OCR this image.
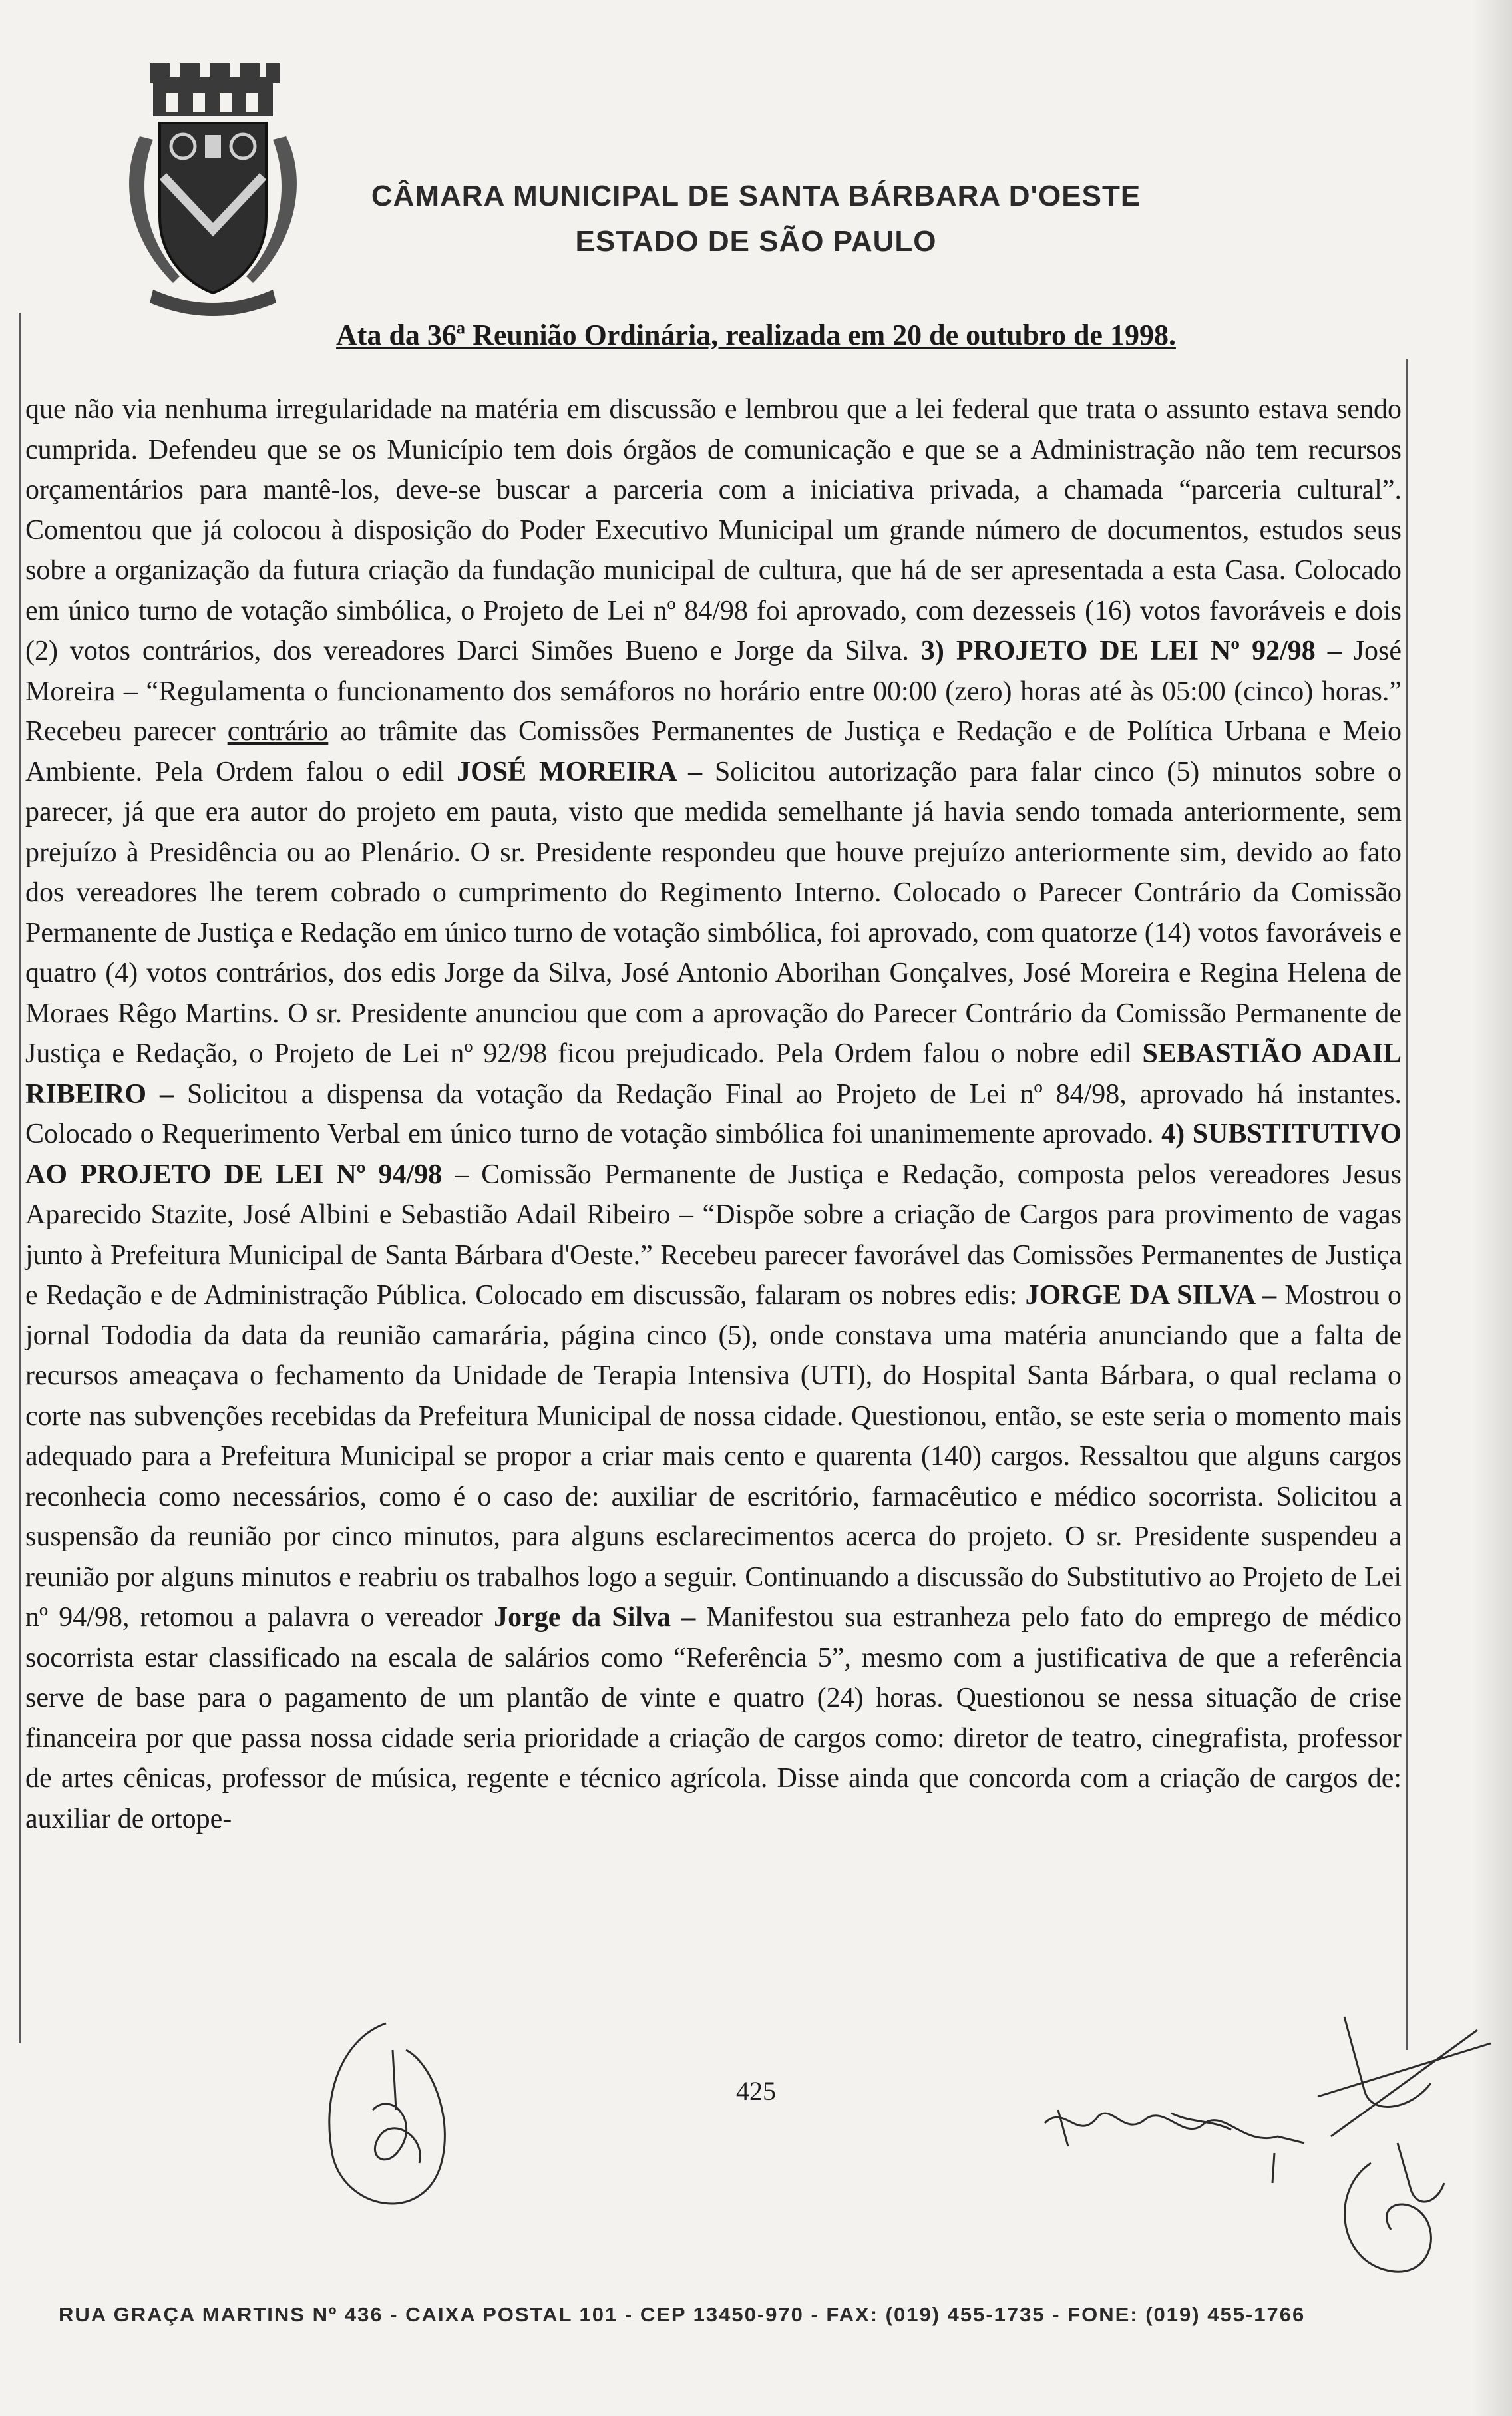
CÂMARA MUNICIPAL DE SANTA BÁRBARA D'OESTE
ESTADO DE SÃO PAULO
Ata da 36ª Reunião Ordinária, realizada em 20 de outubro de 1998.

que não via nenhuma irregularidade na matéria em discussão e lembrou que a lei federal que trata o assunto estava sendo cumprida. Defendeu que se os Município tem dois órgãos de comunicação e que se a Administração não tem recursos orçamentários para mantê-los, deve-se buscar a parceria com a iniciativa privada, a chamada “parceria cultural”. Comentou que já colocou à disposição do Poder Executivo Municipal um grande número de documentos, estudos seus sobre a organização da futura criação da fundação municipal de cultura, que há de ser apresentada a esta Casa. Colocado em único turno de votação simbólica, o Projeto de Lei nº 84/98 foi aprovado, com dezesseis (16) votos favoráveis e dois (2) votos contrários, dos vereadores Darci Simões Bueno e Jorge da Silva. 3) PROJETO DE LEI Nº 92/98 – José Moreira – “Regulamenta o funcionamento dos semáforos no horário entre 00:00 (zero) horas até às 05:00 (cinco) horas.” Recebeu parecer contrário ao trâmite das Comissões Permanentes de Justiça e Redação e de Política Urbana e Meio Ambiente. Pela Ordem falou o edil JOSÉ MOREIRA – Solicitou autorização para falar cinco (5) minutos sobre o parecer, já que era autor do projeto em pauta, visto que medida semelhante já havia sendo tomada anteriormente, sem prejuízo à Presidência ou ao Plenário. O sr. Presidente respondeu que houve prejuízo anteriormente sim, devido ao fato dos vereadores lhe terem cobrado o cumprimento do Regimento Interno. Colocado o Parecer Contrário da Comissão Permanente de Justiça e Redação em único turno de votação simbólica, foi aprovado, com quatorze (14) votos favoráveis e quatro (4) votos contrários, dos edis Jorge da Silva, José Antonio Aborihan Gonçalves, José Moreira e Regina Helena de Moraes Rêgo Martins. O sr. Presidente anunciou que com a aprovação do Parecer Contrário da Comissão Permanente de Justiça e Redação, o Projeto de Lei nº 92/98 ficou prejudicado. Pela Ordem falou o nobre edil SEBASTIÃO ADAIL RIBEIRO – Solicitou a dispensa da votação da Redação Final ao Projeto de Lei nº 84/98, aprovado há instantes. Colocado o Requerimento Verbal em único turno de votação simbólica foi unanimemente aprovado. 4) SUBSTITUTIVO AO PROJETO DE LEI Nº 94/98 – Comissão Permanente de Justiça e Redação, composta pelos vereadores Jesus Aparecido Stazite, José Albini e Sebastião Adail Ribeiro – “Dispõe sobre a criação de Cargos para provimento de vagas junto à Prefeitura Municipal de Santa Bárbara d'Oeste.” Recebeu parecer favorável das Comissões Permanentes de Justiça e Redação e de Administração Pública. Colocado em discussão, falaram os nobres edis: JORGE DA SILVA – Mostrou o jornal Tododia da data da reunião camarária, página cinco (5), onde constava uma matéria anunciando que a falta de recursos ameaçava o fechamento da Unidade de Terapia Intensiva (UTI), do Hospital Santa Bárbara, o qual reclama o corte nas subvenções recebidas da Prefeitura Municipal de nossa cidade. Questionou, então, se este seria o momento mais adequado para a Prefeitura Municipal se propor a criar mais cento e quarenta (140) cargos. Ressaltou que alguns cargos reconhecia como necessários, como é o caso de: auxiliar de escritório, farmacêutico e médico socorrista. Solicitou a suspensão da reunião por cinco minutos, para alguns esclarecimentos acerca do projeto. O sr. Presidente suspendeu a reunião por alguns minutos e reabriu os trabalhos logo a seguir. Continuando a discussão do Substitutivo ao Projeto de Lei nº 94/98, retomou a palavra o vereador Jorge da Silva – Manifestou sua estranheza pelo fato do emprego de médico socorrista estar classificado na escala de salários como “Referência 5”, mesmo com a justificativa de que a referência serve de base para o pagamento de um plantão de vinte e quatro (24) horas. Questionou se nessa situação de crise financeira por que passa nossa cidade seria prioridade a criação de cargos como: diretor de teatro, cinegrafista, professor de artes cênicas, professor de música, regente e técnico agrícola. Disse ainda que concorda com a criação de cargos de: auxiliar de ortope-

425
RUA GRAÇA MARTINS Nº 436 - CAIXA POSTAL 101 - CEP 13450-970 - FAX: (019) 455-1735 - FONE: (019) 455-1766
